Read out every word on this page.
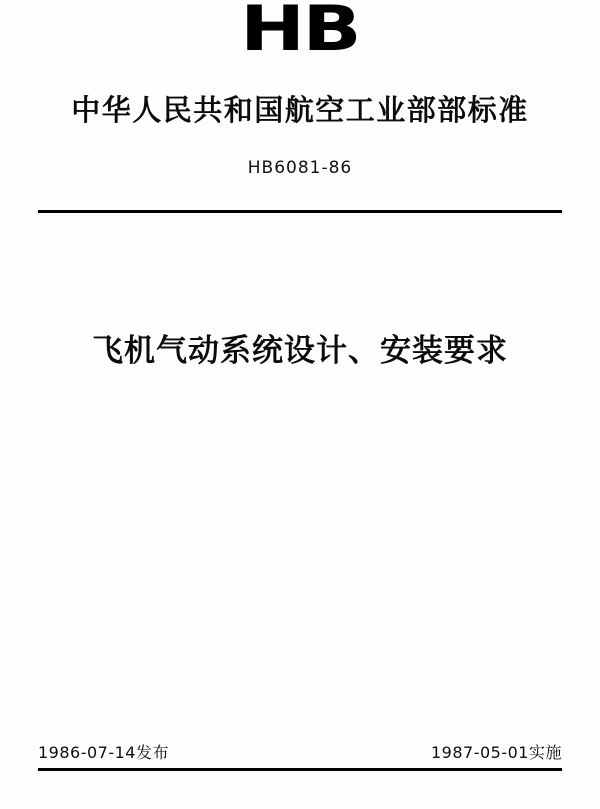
HB
中华人民共和国航空工业部部标准
HB6081-86
飞机气动系统设计、安装要求
1986-07-14发布	1987-05-01实施
